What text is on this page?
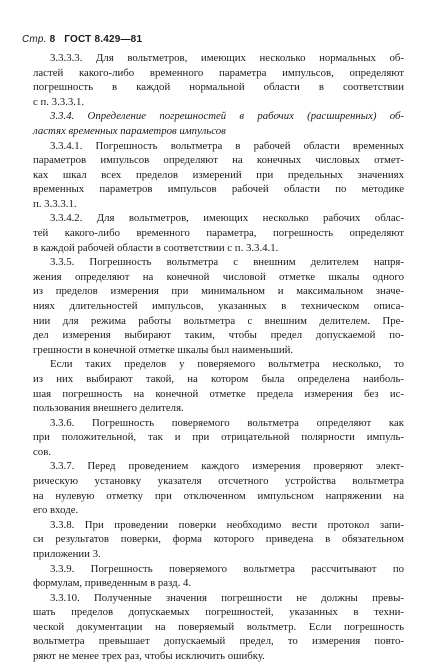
Стр. 8 ГОСТ 8.429—81
3.3.3.3. Для вольтметров, имеющих несколько нормальных об-
ластей какого-либо временного параметра импульсов, определяют
погрешность в каждой нормальной области в соответствии
с п. 3.3.3.1.
3.3.4. Определение погрешностей в рабочих (расширенных) об-
ластях временных параметров импульсов
3.3.4.1. Погрешность вольтметра в рабочей области временных
параметров импульсов определяют на конечных числовых отмет-
ках шкал всех пределов измерений при предельных значениях
временных параметров импульсов рабочей области по методике
п. 3.3.3.1.
3.3.4.2. Для вольтметров, имеющих несколько рабочих облас-
тей какого-либо временного параметра, погрешность определяют
в каждой рабочей области в соответствии с п. 3.3.4.1.
3.3.5. Погрешность вольтметра с внешним делителем напря-
жения определяют на конечной числовой отметке шкалы одного
из пределов измерения при минимальном и максимальном значе-
ниях длительностей импульсов, указанных в техническом описа-
нии для режима работы вольтметра с внешним делителем. Пре-
дел измерения выбирают таким, чтобы предел допускаемой по-
грешности в конечной отметке шкалы был наименьший.
Если таких пределов у поверяемого вольтметра несколько, то
из них выбирают такой, на котором была определена наиболь-
шая погрешность на конечной отметке предела измерения без ис-
пользования внешнего делителя.
3.3.6. Погрешность поверяемого вольтметра определяют как
при положительной, так и при отрицательной полярности импуль-
сов.
3.3.7. Перед проведением каждого измерения проверяют элект-
рическую установку указателя отсчетного устройства вольтметра
на нулевую отметку при отключенном импульсном напряжении на
его входе.
3.3.8. При проведении поверки необходимо вести протокол запи-
си результатов поверки, форма которого приведена в обязательном
приложении 3.
3.3.9. Погрешность поверяемого вольтметра рассчитывают по
формулам, приведенным в разд. 4.
3.3.10. Полученные значения погрешности не должны превы-
шать пределов допускаемых погрешностей, указанных в техни-
ческой документации на поверяемый вольтметр. Если погрешность
вольтметра превышает допускаемый предел, то измерения повто-
ряют не менее трех раз, чтобы исключить ошибку.
